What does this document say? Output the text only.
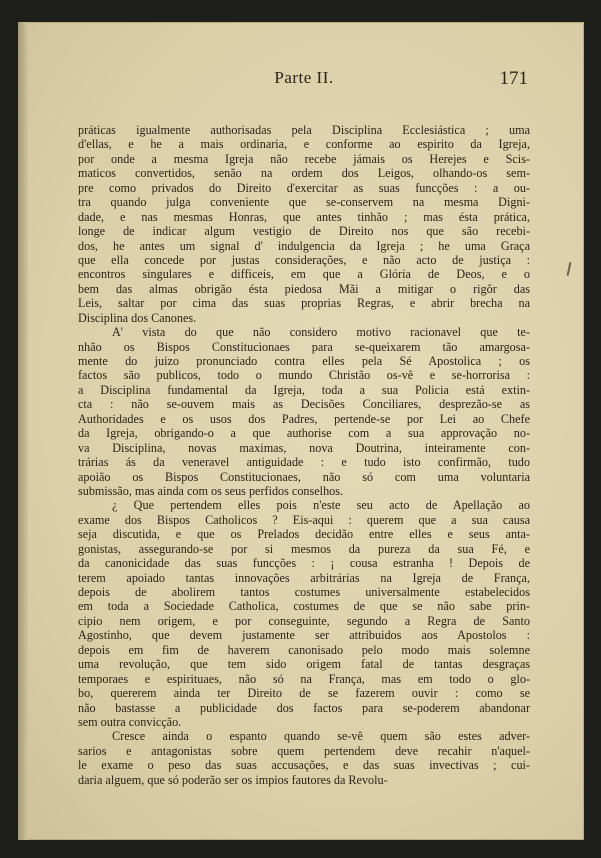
Parte II.	171
práticas igualmente authorisadas pela Disciplina Ecclesiástica ; uma
d'ellas, e he a mais ordinaria, e conforme ao espirito da Igreja,
por onde a mesma Igreja não recebe jámais os Herejes e Scis-
maticos convertidos, senão na ordem dos Leigos, olhando-os sem-
pre como privados do Direito d'exercitar as suas funcções : a ou-
tra quando julga conveniente que se-conservem na mesma Digni-
dade, e nas mesmas Honras, que antes tinhão ; mas ésta prática,
longe de indicar algum vestigio de Direito nos que são recebi-
dos, he antes um signal d' indulgencia da Igreja ; he uma Graça
que ella concede por justas considerações, e não acto de justiça :
encontros singulares e difficeis, em que a Glória de Deos, e o
bem das almas obrigão ésta piedosa Mãi a mitigar o rigôr das
Leis, saltar por cima das suas proprias Regras, e abrir brecha na
Disciplina dos Canones.
A' vista do que não considero motivo racionavel que te-
nhão os Bispos Constitucionaes para se-queixarem tão amargosa-
mente do juizo pronunciado contra elles pela Sé Apostolica ; os
factos são publicos, todo o mundo Christão os-vê e se-horrorisa :
a Disciplina fundamental da Igreja, toda a sua Policia está extin-
cta : não se-ouvem mais as Decisões Conciliares, desprezão-se as
Authoridades e os usos dos Padres, pertende-se por Lei ao Chefe
da Igreja, obrigando-o a que authorise com a sua approvação no-
va Disciplina, novas maximas, nova Doutrina, inteiramente con-
trárias ás da veneravel antiguidade : e tudo isto confirmão, tudo
apoião os Bispos Constitucionaes, não só com uma voluntaria
submissão, mas ainda com os seus perfidos conselhos.
¿ Que pertendem elles pois n'este seu acto de Apellação ao
exame dos Bispos Catholicos ? Eis-aqui : querem que a sua causa
seja discutida, e que os Prelados decidão entre elles e seus anta-
gonistas, assegurando-se por si mesmos da pureza da sua Fé, e
da canonicidade das suas funcções : ¡ cousa estranha ! Depois de
terem apoiado tantas innovações arbitrárias na Igreja de França,
depois de abolirem tantos costumes universalmente estabelecidos
em toda a Sociedade Catholica, costumes de que se não sabe prin-
cipio nem origem, e por conseguinte, segundo a Regra de Santo
Agostinho, que devem justamente ser attribuidos aos Apostolos :
depois em fim de haverem canonisado pelo modo mais solemne
uma revolução, que tem sido origem fatal de tantas desgraças
temporaes e espirituaes, não só na França, mas em todo o glo-
bo, quererem ainda ter Direito de se fazerem ouvir : como se
não bastasse a publicidade dos factos para se-poderem abandonar
sem outra convicção.
Cresce ainda o espanto quando se-vê quem são estes adver-
sarios e antagonistas sobre quem pertendem deve recahir n'aquel-
le exame o peso das suas accusações, e das suas invectivas ; cui-
daria alguem, que só poderão ser os impios fautores da Revolu-
